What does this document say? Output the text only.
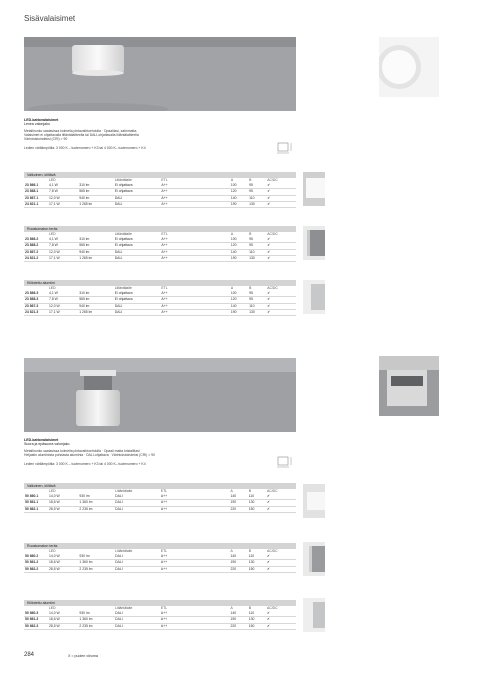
Sisävalaisimet
LED-kattovalaisimet
Levea valonjako
Metallirunko saatavissa kolmella pintavaihtoehdolla · Opaalilasi, satinmatta
Valaisimet ei ohjattavalla liitäntälaitteella tai DALI-ohjattavalla liitäntälaitteella
Värintoistoindeksi (CRI) > 90

Ledien värilämpötila: 3 000 K – tuotenumero + K3 tai 4 000 K– tuotenumero + K4
Valkoinen, kiiltävä
	LED		Liitäntälaite	ETL		A	B	AC/DC
23 866.1	4,1 W	310 lm	Ei ohjattava	A++		100	95	✔
23 868.1	7,8 W	565 lm	Ei ohjattava	A++		120	95	✔
23 867.1	12,0 W	940 lm	DALI	A++		140	110	✔
24 821.1	17,1 W	1 265 lm	DALI	A++		190	130	✔
Ruostumaton teräs
	LED		Liitäntälaite	ETL		A	B	AC/DC
23 866.2	4,1 W	310 lm	Ei ohjattava	A++		100	95	✔
23 868.2	7,8 W	565 lm	Ei ohjattava	A++		120	95	✔
23 867.2	12,0 W	940 lm	DALI	A++		140	110	✔
24 821.2	17,1 W	1 265 lm	DALI	A++		190	130	✔
Kiillotettu alumiini
	LED		Liitäntälaite	ETL		A	B	AC/DC
23 866.3	4,1 W	310 lm	Ei ohjattava	A++		100	95	✔
23 868.3	7,8 W	565 lm	Ei ohjattava	A++		120	95	✔
23 867.3	12,0 W	940 lm	DALI	A++		140	110	✔
24 821.3	17,1 W	1 265 lm	DALI	A++		190	130	✔
LED-kattovalaisimet
Suora ja epäsuora valonjako
Metallirunko saatavissa kolmella pintavaihtoehdolla · Opaali matta kristallilasi
Heijastin alumiinista puhdasta alumiinia · DALI-ohjattava · Värintoistoindeksi (CRI) > 90

Ledien värilämpötila: 3 000 K – tuotenumero + K3 tai 4 000 K– tuotenumero + K4
Valkoinen, kiiltävä
	LED		Liitäntälaite	ETL		A	B	AC/DC
50 860.1	14,0 W	930 lm	DALI	A++		140	110	✔
50 861.1	18,6 W	1 360 lm	DALI	A++		190	130	✔
50 862.1	28,5 W	2 235 lm	DALI	A++		220	150	✔
Ruostumaton teräs
	LED		Liitäntälaite	ETL		A	B	AC/DC
50 860.2	14,0 W	930 lm	DALI	A++		140	110	✔
50 861.2	18,6 W	1 360 lm	DALI	A++		190	130	✔
50 862.2	28,5 W	2 235 lm	DALI	A++		220	150	✔
Kiillotettu alumiini
	LED		Liitäntälaite	ETL		A	B	AC/DC
50 860.3	14,0 W	930 lm	DALI	A++		140	110	✔
50 861.3	18,6 W	1 360 lm	DALI	A++		190	130	✔
50 862.3	28,5 W	2 235 lm	DALI	A++		220	150	✔
284	X = puolen viiruma
